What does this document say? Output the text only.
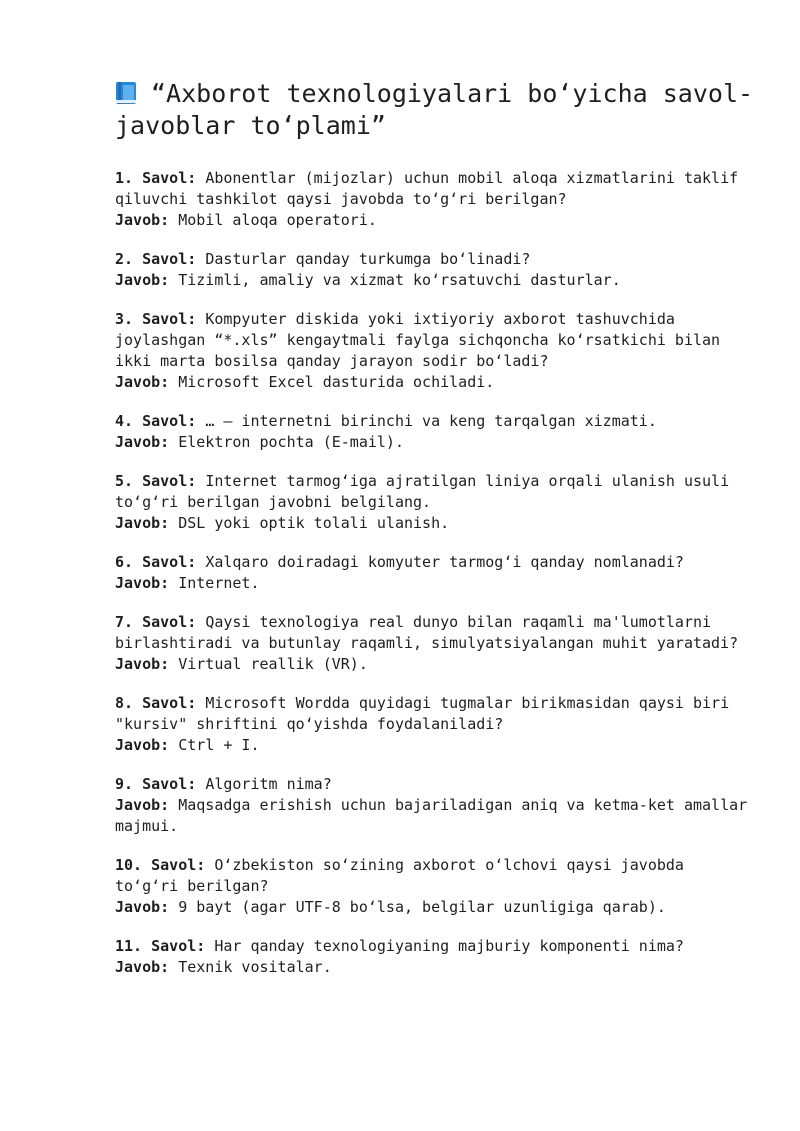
“Axborot texnologiyalari bo‘yicha savol-javoblar to‘plami”

1. Savol: Abonentlar (mijozlar) uchun mobil aloqa xizmatlarini taklif qiluvchi tashkilot qaysi javobda to‘g‘ri berilgan?

Javob: Mobil aloqa operatori.

2. Savol: Dasturlar qanday turkumga bo‘linadi?

Javob: Tizimli, amaliy va xizmat ko‘rsatuvchi dasturlar.

3. Savol: Kompyuter diskida yoki ixtiyoriy axborot tashuvchida joylashgan “*.xls” kengaytmali faylga sichqoncha ko‘rsatkichi bilan ikki marta bosilsa qanday jarayon sodir bo‘ladi?

Javob: Microsoft Excel dasturida ochiladi.

4. Savol: … – internetni birinchi va keng tarqalgan xizmati.

Javob: Elektron pochta (E-mail).

5. Savol: Internet tarmog‘iga ajratilgan liniya orqali ulanish usuli to‘g‘ri berilgan javobni belgilang.

Javob: DSL yoki optik tolali ulanish.

6. Savol: Xalqaro doiradagi komyuter tarmog‘i qanday nomlanadi?

Javob: Internet.

7. Savol: Qaysi texnologiya real dunyo bilan raqamli ma'lumotlarni birlashtiradi va butunlay raqamli, simulyatsiyalangan muhit yaratadi?

Javob: Virtual reallik (VR).

8. Savol: Microsoft Wordda quyidagi tugmalar birikmasidan qaysi biri "kursiv" shriftini qo‘yishda foydalaniladi?

Javob: Ctrl + I.

9. Savol: Algoritm nima?

Javob: Maqsadga erishish uchun bajariladigan aniq va ketma-ket amallar majmui.

10. Savol: O‘zbekiston so‘zining axborot o‘lchovi qaysi javobda to‘g‘ri berilgan?

Javob: 9 bayt (agar UTF-8 bo‘lsa, belgilar uzunligiga qarab).

11. Savol: Har qanday texnologiyaning majburiy komponenti nima?

Javob: Texnik vositalar.
